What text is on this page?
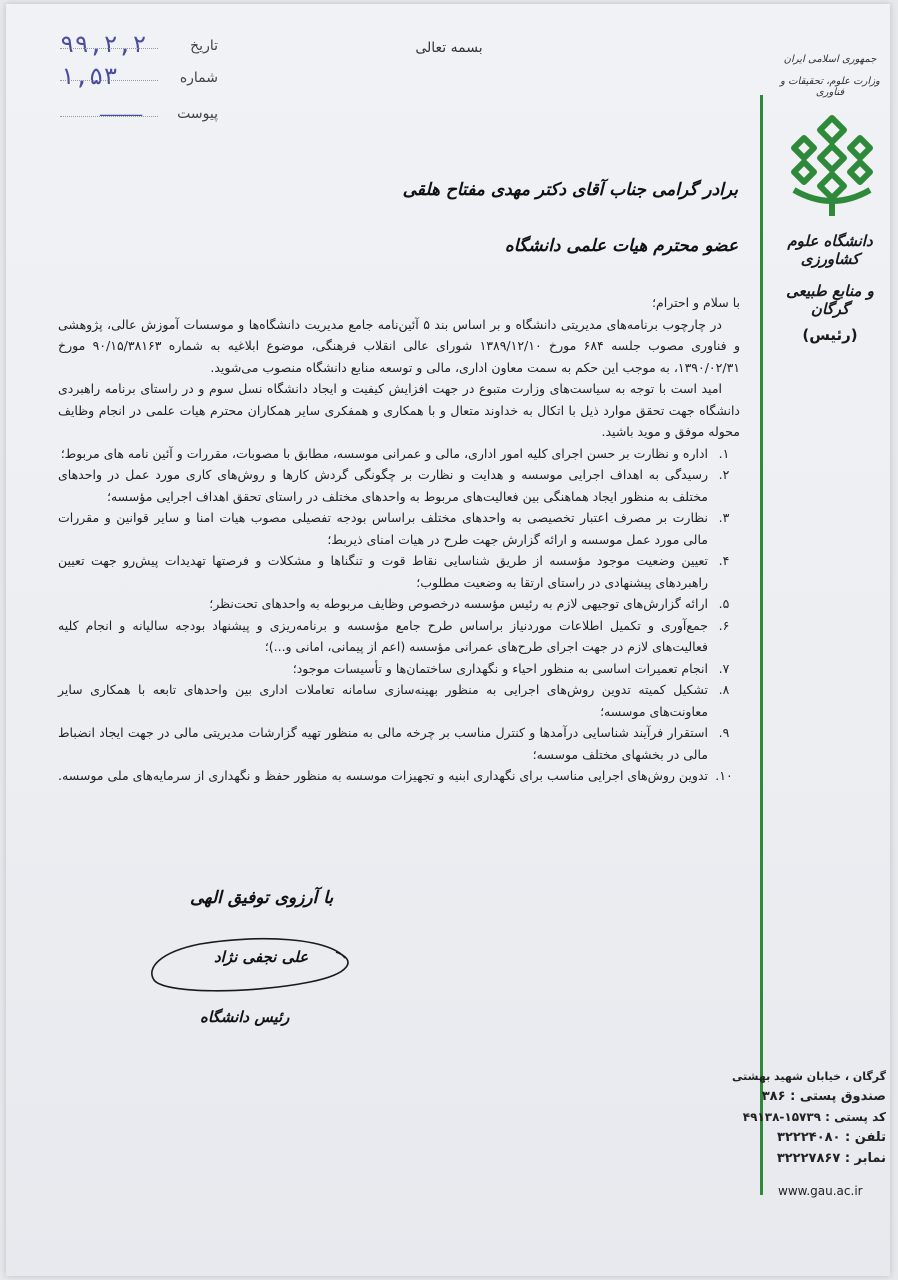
بسمه تعالی
تاریخ
۹۹,۲,۲
شماره
۱,۵۳
پیوست
ـــــ
جمهوری اسلامی ایران
وزارت علوم، تحقیقات و فناوری
دانشگاه علوم کشاورزی
و منابع طبیعی گرگان
(رئیس)
برادر گرامی جناب آقای دکتر مهدی مفتاح هلقی
عضو محترم هیات علمی دانشگاه

با سلام و احترام؛

در چارچوب برنامه‌های مدیریتی دانشگاه و بر اساس بند ۵ آئین‌نامه جامع مدیریت دانشگاه‌ها و موسسات آموزش عالی، پژوهشی و فناوری مصوب جلسه ۶۸۴ مورخ ۱۳۸۹/۱۲/۱۰ شورای عالی انقلاب فرهنگی، موضوع ابلاغیه به شماره ۹۰/۱۵/۳۸۱۶۳ مورخ ۱۳۹۰/۰۲/۳۱، به موجب این حکم به سمت معاون اداری، مالی و توسعه منابع دانشگاه منصوب می‌شوید.

امید است با توجه به سیاست‌های وزارت متبوع در جهت افزایش کیفیت و ایجاد دانشگاه نسل سوم و در راستای برنامه راهبردی دانشگاه جهت تحقق موارد ذیل با اتکال به خداوند متعال و با همکاری و همفکری سایر همکاران محترم هیات علمی در انجام وظایف محوله موفق و موید باشید.

۱.
اداره و نظارت بر حسن اجرای کلیه امور اداری، مالی و عمرانی موسسه، مطابق با مصوبات، مقررات و آئین نامه های مربوط؛
۲.
رسیدگی به اهداف اجرایی موسسه و هدایت و نظارت بر چگونگی گردش کارها و روش‌های کاری مورد عمل در واحدهای مختلف به منظور ایجاد هماهنگی بین فعالیت‌های مربوط به واحدهای مختلف در راستای تحقق اهداف اجرایی مؤسسه؛
۳.
نظارت بر مصرف اعتبار تخصیصی به واحدهای مختلف براساس بودجه تفصیلی مصوب هیات امنا و سایر قوانین و مقررات مالی مورد عمل موسسه و ارائه گزارش جهت طرح در هیات امنای ذیربط؛
۴.
تعیین وضعیت موجود مؤسسه از طریق شناسایی نقاط قوت و تنگناها و مشکلات و فرصتها تهدیدات پیش‌رو جهت تعیین راهبردهای پیشنهادی در راستای ارتقا به وضعیت مطلوب؛
۵.
ارائه گزارش‌های توجیهی لازم به رئیس مؤسسه درخصوص وظایف مربوطه به واحدهای تحت‌نظر؛
۶.
جمع‌آوری و تکمیل اطلاعات موردنیاز براساس طرح جامع مؤسسه و برنامه‌ریزی و پیشنهاد بودجه سالیانه و انجام کلیه فعالیت‌های لازم در جهت اجرای طرح‌های عمرانی مؤسسه (اعم از پیمانی، امانی و...)؛
۷.
انجام تعمیرات اساسی به منظور احیاء و نگهداری ساختمان‌ها و تأسیسات موجود؛
۸.
تشکیل کمیته تدوین روش‌های اجرایی به منظور بهینه‌سازی سامانه تعاملات اداری بین واحدهای تابعه با همکاری سایر معاونت‌های موسسه؛
۹.
استقرار فرآیند شناسایی درآمدها و کنترل مناسب بر چرخه مالی به منظور تهیه گزارشات مدیریتی مالی در جهت ایجاد انضباط مالی در بخشهای مختلف موسسه؛
۱۰.
تدوین روش‌های اجرایی مناسب برای نگهداری ابنیه و تجهیزات موسسه به منظور حفظ و نگهداری از سرمایه‌های ملی موسسه.
با آرزوی توفیق الهی
علی نجفی نژاد
رئیس دانشگاه
گرگان ، خیابان شهید بهشتی
صندوق پستی : ۳۸۶
کد پستی : ۱۵۷۳۹-۴۹۱۳۸
تلفن : ۳۲۲۲۴۰۸۰
نمابر : ۳۲۲۲۷۸۶۷
www.gau.ac.ir
